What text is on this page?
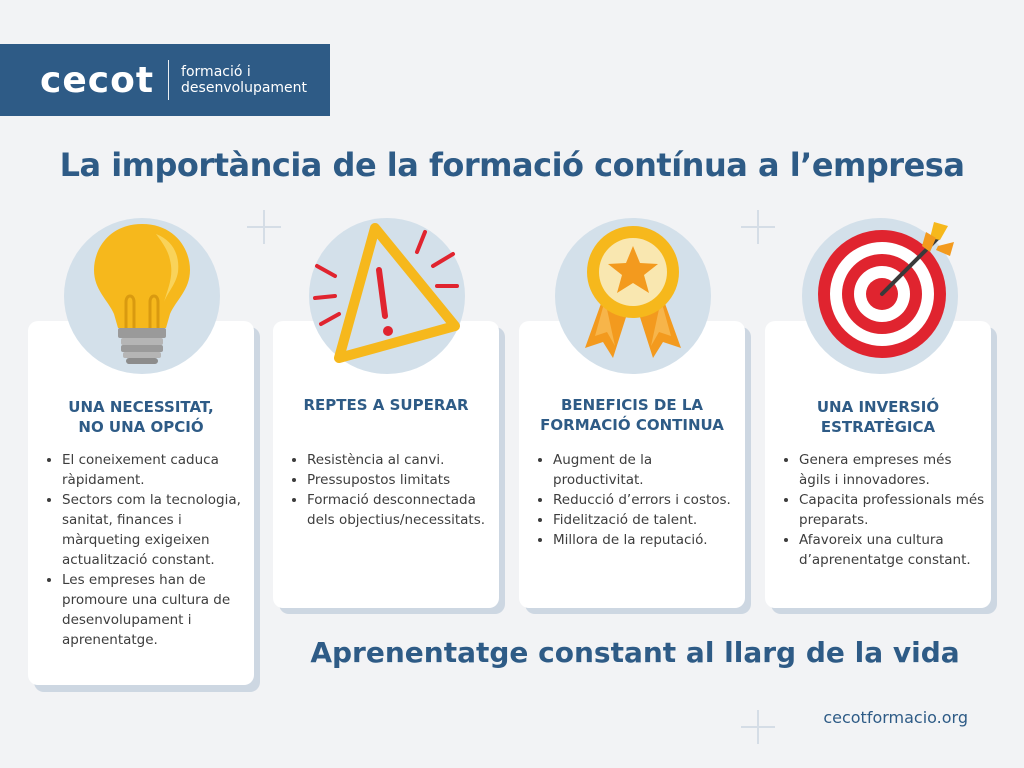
cecot formació i
desenvolupament
La importància de la formació contínua a l’empresa
UNA NECESSITAT,
NO UNA OPCIÓ
• El coneixement caduca ràpidament.
• Sectors com la tecnologia, sanitat, finances i màrqueting exigeixen actualització constant.
• Les empreses han de promoure una cultura de desenvolupament i aprenentatge.
REPTES A SUPERAR
• Resistència al canvi.
• Pressupostos limitats
• Formació desconnectada dels objectius/necessitats.
BENEFICIS DE LA
FORMACIÓ CONTINUA
• Augment de la productivitat.
• Reducció d’errors i costos.
• Fidelització de talent.
• Millora de la reputació.
UNA INVERSIÓ
ESTRATÈGICA
• Genera empreses més àgils i innovadores.
• Capacita professionals més preparats.
• Afavoreix una cultura d’aprenentatge constant.
Aprenentatge constant al llarg de la vida
cecotformacio.org
